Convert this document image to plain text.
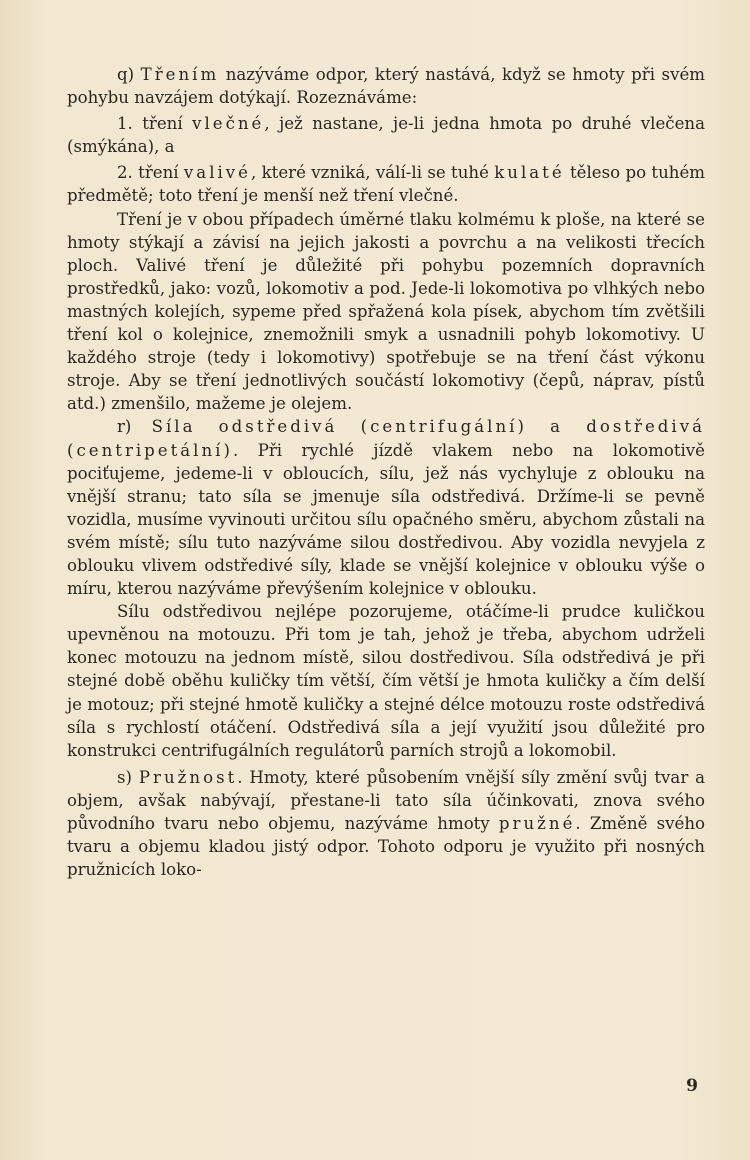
q) Třením nazýváme odpor, který nastává, když se hmoty při svém pohybu navzájem dotýkají. Rozeznáváme:

1. tření vlečné, jež nastane, je-li jedna hmota po druhé vlečena (smýkána), a

2. tření valivé, které vzniká, válí-li se tuhé kulaté těleso po tuhém předmětě; toto tření je menší než tření vlečné.

Tření je v obou případech úměrné tlaku kolmému k ploše, na které se hmoty stýkají a závisí na jejich jakosti a povrchu a na velikosti třecích ploch. Valivé tření je důležité při pohybu pozemních dopravních prostředků, jako: vozů, lokomotiv a pod. Jede-li lokomotiva po vlhkých nebo mastných kolejích, sypeme před spřažená kola písek, abychom tím zvětšili tření kol o kolejnice, znemožnili smyk a usnadnili pohyb lokomotivy. U každého stroje (tedy i lokomotivy) spotřebuje se na tření část výkonu stroje. Aby se tření jednotlivých součástí lokomotivy (čepů, náprav, pístů atd.) zmenšilo, mažeme je olejem.

r) Síla odstředivá (centrifugální) a dostředivá (centripetální). Při rychlé jízdě vlakem nebo na lokomotivě pociťujeme, jedeme-li v obloucích, sílu, jež nás vychyluje z oblouku na vnější stranu; tato síla se jmenuje síla odstředivá. Držíme-li se pevně vozidla, musíme vyvinouti určitou sílu opačného směru, abychom zůstali na svém místě; sílu tuto nazýváme silou dostředivou. Aby vozidla nevyjela z oblouku vlivem odstředivé síly, klade se vnější kolejnice v oblouku výše o míru, kterou nazýváme převýšením kolejnice v oblouku.

Sílu odstředivou nejlépe pozorujeme, otáčíme-li prudce kuličkou upevněnou na motouzu. Při tom je tah, jehož je třeba, abychom udrželi konec motouzu na jednom místě, silou dostředivou. Síla odstředivá je při stejné době oběhu kuličky tím větší, čím větší je hmota kuličky a čím delší je motouz; při stejné hmotě kuličky a stejné délce motouzu roste odstředivá síla s rychlostí otáčení. Odstředivá síla a její využití jsou důležité pro konstrukci centrifugálních regulátorů parních strojů a lokomobil.

s) Pružnost. Hmoty, které působením vnější síly změní svůj tvar a objem, avšak nabývají, přestane-li tato síla účinkovati, znova svého původního tvaru nebo objemu, nazýváme hmoty pružné. Změně svého tvaru a objemu kladou jistý odpor. Tohoto odporu je využito při nosných pružnicích loko-

9
